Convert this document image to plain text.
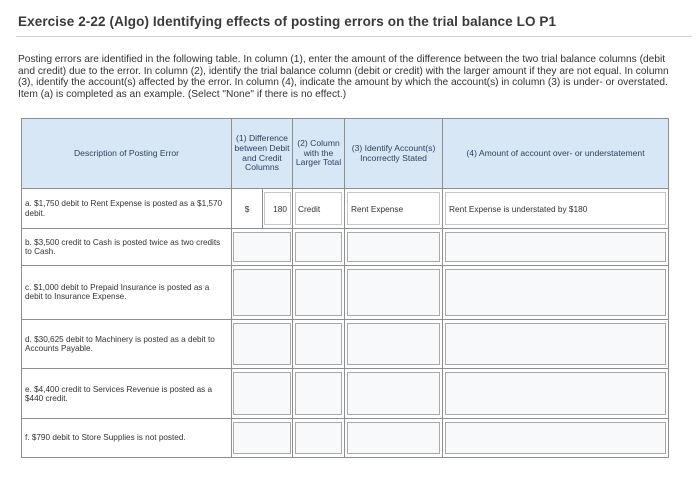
Exercise 2-22 (Algo) Identifying effects of posting errors on the trial balance LO P1
Posting errors are identified in the following table. In column (1), enter the amount of the difference between the two trial balance columns (debit and credit) due to the error. In column (2), identify the trial balance column (debit or credit) with the larger amount if they are not equal. In column (3), identify the account(s) affected by the error. In column (4), indicate the amount by which the account(s) in column (3) is under- or overstated. Item (a) is completed as an example. (Select "None" if there is no effect.)
Description of Posting Error	(1) Difference between Debit and Credit Columns		(2) Column with the Larger Total	(3) Identify Account(s) Incorrectly Stated	(4) Amount of account over- or understatement
a. $1,750 debit to Rent Expense is posted as a $1,570 debit.	$	180	Credit	Rent Expense	Rent Expense is understated by $180

b. $3,500 credit to Cash is posted twice as two credits to Cash.		

c. $1,000 debit to Prepaid Insurance is posted as a debit to Insurance Expense.		

d. $30,625 debit to Machinery is posted as a debit to Accounts Payable.		

e. $4,400 credit to Services Revenue is posted as a $440 credit.		

f. $790 debit to Store Supplies is not posted.		
